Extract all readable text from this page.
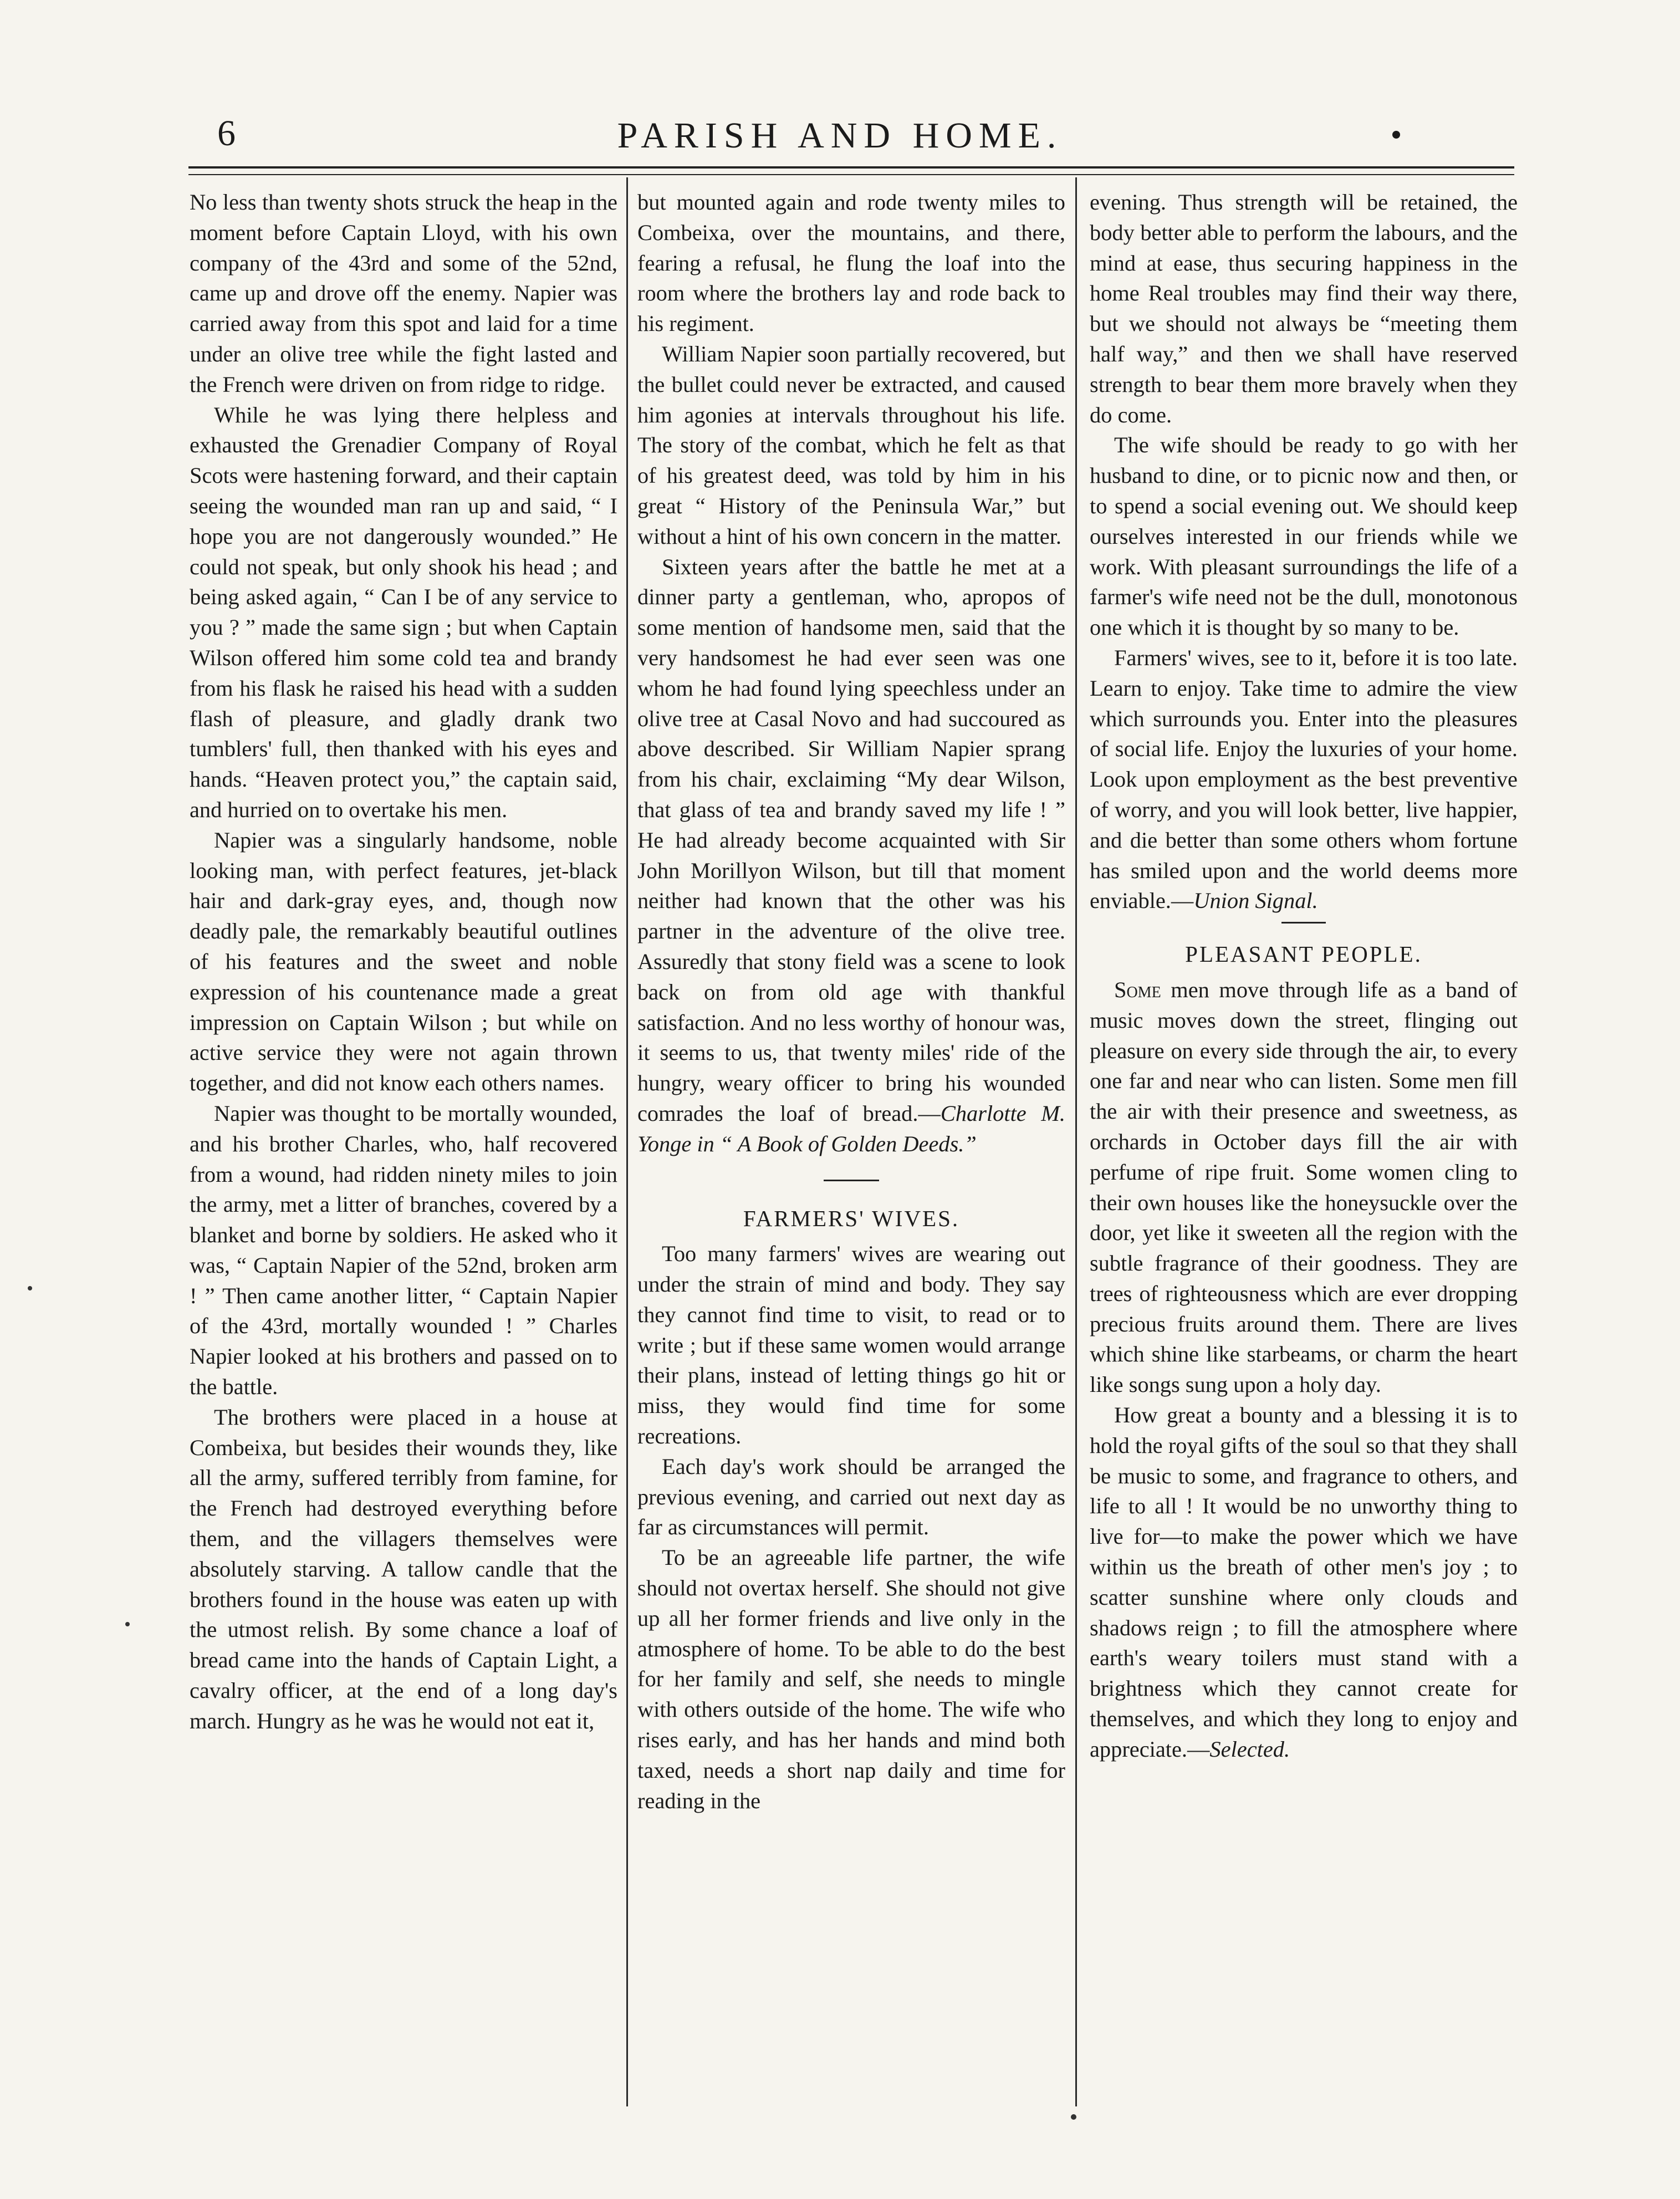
6	PARISH AND HOME.

No less than twenty shots struck the heap in the moment before Captain Lloyd, with his own company of the 43rd and some of the 52nd, came up and drove off the enemy. Napier was carried away from this spot and laid for a time under an olive tree while the fight lasted and the French were driven on from ridge to ridge.

While he was lying there helpless and exhausted the Grenadier Company of Royal Scots were hastening forward, and their captain seeing the wounded man ran up and said, “ I hope you are not dangerously wounded.” He could not speak, but only shook his head ; and being asked again, “ Can I be of any service to you ? ” made the same sign ; but when Captain Wilson offered him some cold tea and brandy from his flask he raised his head with a sudden flash of pleasure, and gladly drank two tumblers' full, then thanked with his eyes and hands. “Heaven protect you,” the captain said, and hurried on to overtake his men.

Napier was a singularly handsome, noble looking man, with perfect features, jet-black hair and dark-gray eyes, and, though now deadly pale, the remarkably beautiful outlines of his features and the sweet and noble expression of his countenance made a great impression on Captain Wilson ; but while on active service they were not again thrown together, and did not know each others names.

Napier was thought to be mortally wounded, and his brother Charles, who, half recovered from a wound, had ridden ninety miles to join the army, met a litter of branches, covered by a blanket and borne by soldiers. He asked who it was, “ Captain Napier of the 52nd, broken arm ! ” Then came another litter, “ Captain Napier of the 43rd, mortally wounded ! ” Charles Napier looked at his brothers and passed on to the battle.

The brothers were placed in a house at Combeixa, but besides their wounds they, like all the army, suffered terribly from famine, for the French had destroyed everything before them, and the villagers themselves were absolutely starving. A tallow candle that the brothers found in the house was eaten up with the utmost relish. By some chance a loaf of bread came into the hands of Captain Light, a cavalry officer, at the end of a long day's march. Hungry as he was he would not eat it,

but mounted again and rode twenty miles to Combeixa, over the mountains, and there, fearing a refusal, he flung the loaf into the room where the brothers lay and rode back to his regiment.

William Napier soon partially recovered, but the bullet could never be extracted, and caused him agonies at intervals throughout his life. The story of the combat, which he felt as that of his greatest deed, was told by him in his great “ History of the Peninsula War,” but without a hint of his own concern in the matter.

Sixteen years after the battle he met at a dinner party a gentleman, who, apropos of some mention of handsome men, said that the very handsomest he had ever seen was one whom he had found lying speechless under an olive tree at Casal Novo and had succoured as above described. Sir William Napier sprang from his chair, exclaiming “My dear Wilson, that glass of tea and brandy saved my life ! ” He had already become acquainted with Sir John Morillyon Wilson, but till that moment neither had known that the other was his partner in the adventure of the olive tree. Assuredly that stony field was a scene to look back on from old age with thankful satisfaction. And no less worthy of honour was, it seems to us, that twenty miles' ride of the hungry, weary officer to bring his wounded comrades the loaf of bread.—Charlotte M. Yonge in “ A Book of Golden Deeds.”

FARMERS' WIVES.

Too many farmers' wives are wearing out under the strain of mind and body. They say they cannot find time to visit, to read or to write ; but if these same women would arrange their plans, instead of letting things go hit or miss, they would find time for some recreations.

Each day's work should be arranged the previous evening, and carried out next day as far as circumstances will permit.

To be an agreeable life partner, the wife should not overtax herself. She should not give up all her former friends and live only in the atmosphere of home. To be able to do the best for her family and self, she needs to mingle with others outside of the home. The wife who rises early, and has her hands and mind both taxed, needs a short nap daily and time for reading in the

evening. Thus strength will be retained, the body better able to perform the labours, and the mind at ease, thus securing happiness in the home Real troubles may find their way there, but we should not always be “meeting them half way,” and then we shall have reserved strength to bear them more bravely when they do come.

The wife should be ready to go with her husband to dine, or to picnic now and then, or to spend a social evening out. We should keep ourselves interested in our friends while we work. With pleasant surroundings the life of a farmer's wife need not be the dull, monotonous one which it is thought by so many to be.

Farmers' wives, see to it, before it is too late. Learn to enjoy. Take time to admire the view which surrounds you. Enter into the pleasures of social life. Enjoy the luxuries of your home. Look upon employment as the best preventive of worry, and you will look better, live happier, and die better than some others whom fortune has smiled upon and the world deems more enviable.—Union Signal.

PLEASANT PEOPLE.

Some men move through life as a band of music moves down the street, flinging out pleasure on every side through the air, to every one far and near who can listen. Some men fill the air with their presence and sweetness, as orchards in October days fill the air with perfume of ripe fruit. Some women cling to their own houses like the honeysuckle over the door, yet like it sweeten all the region with the subtle fragrance of their goodness. They are trees of righteousness which are ever dropping precious fruits around them. There are lives which shine like starbeams, or charm the heart like songs sung upon a holy day.

How great a bounty and a blessing it is to hold the royal gifts of the soul so that they shall be music to some, and fragrance to others, and life to all ! It would be no unworthy thing to live for—to make the power which we have within us the breath of other men's joy ; to scatter sunshine where only clouds and shadows reign ; to fill the atmosphere where earth's weary toilers must stand with a brightness which they cannot create for themselves, and which they long to enjoy and appreciate.—Selected.
